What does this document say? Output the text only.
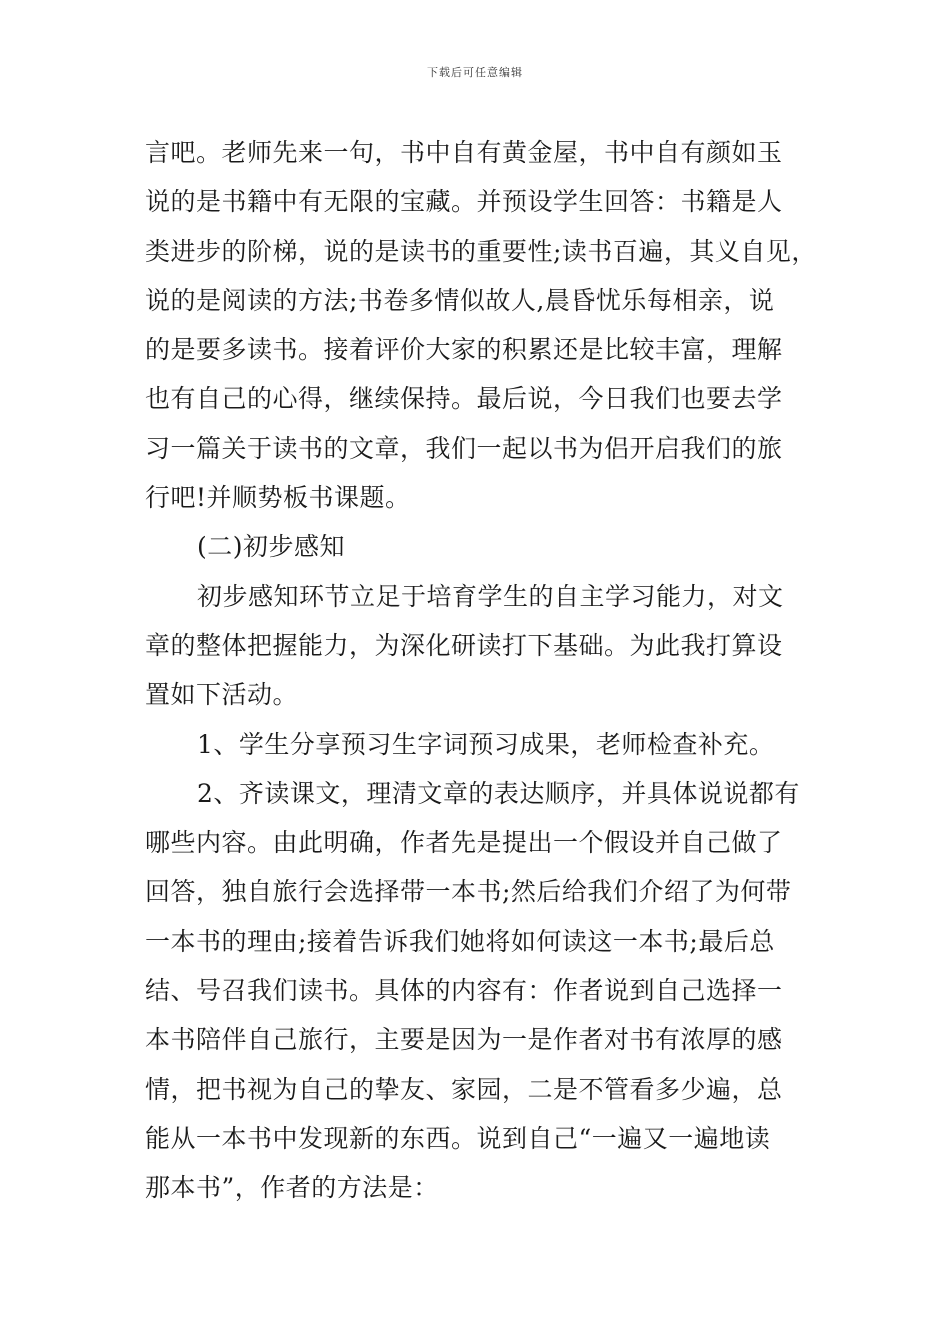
下载后可任意编辑
言吧。老师先来一句，书中自有黄金屋，书中自有颜如玉
说的是书籍中有无限的宝藏。并预设学生回答：书籍是人
类进步的阶梯，说的是读书的重要性;读书百遍，其义自见，
说的是阅读的方法;书卷多情似故人,晨昏忧乐每相亲，说
的是要多读书。接着评价大家的积累还是比较丰富，理解
也有自己的心得，继续保持。最后说，今日我们也要去学
习一篇关于读书的文章，我们一起以书为侣开启我们的旅
行吧!并顺势板书课题。
(二)初步感知
初步感知环节立足于培育学生的自主学习能力，对文
章的整体把握能力，为深化研读打下基础。为此我打算设
置如下活动。
1、学生分享预习生字词预习成果，老师检查补充。
2、齐读课文，理清文章的表达顺序，并具体说说都有
哪些内容。由此明确，作者先是提出一个假设并自己做了
回答，独自旅行会选择带一本书;然后给我们介绍了为何带
一本书的理由;接着告诉我们她将如何读这一本书;最后总
结、号召我们读书。具体的内容有：作者说到自己选择一
本书陪伴自己旅行，主要是因为一是作者对书有浓厚的感
情，把书视为自己的挚友、家园，二是不管看多少遍，总
能从一本书中发现新的东西。说到自己“一遍又一遍地读
那本书”，作者的方法是：
